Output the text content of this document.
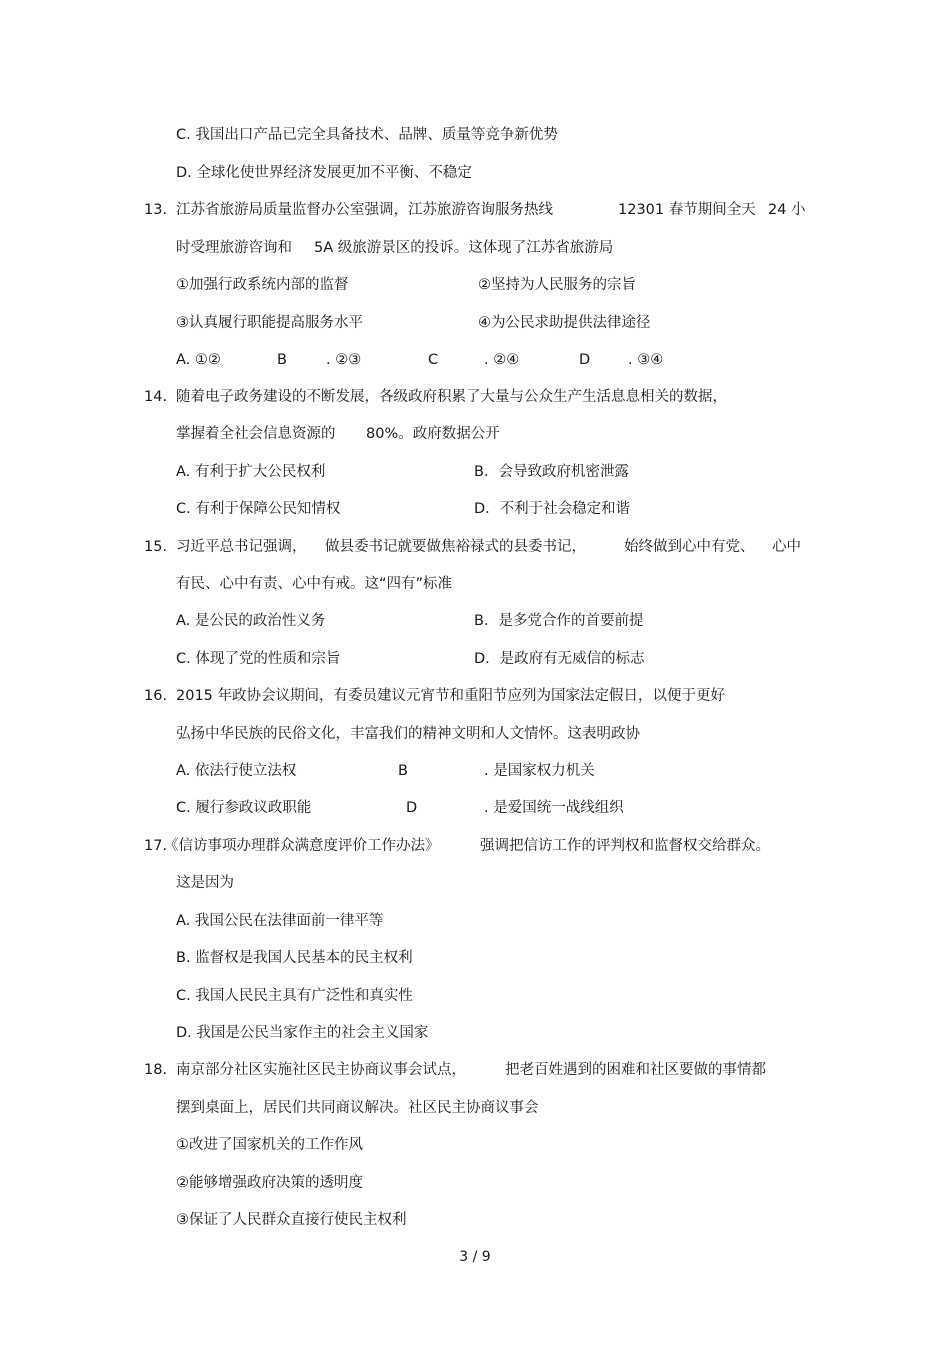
C. 我国出口产品已完全具备技术、品牌、质量等竞争新优势
D. 全球化使世界经济发展更加不平衡、不稳定
13. 江苏省旅游局质量监督办公室强调，江苏旅游咨询服务热线	12301 春节期间全天 24 小
时受理旅游咨询和 5A 级旅游景区的投诉。这体现了江苏省旅游局
①加强行政系统内部的监督	②坚持为人民服务的宗旨
③认真履行职能提高服务水平	④为公民求助提供法律途径
A. ①②	B	. ②③	C	. ②④	D	. ③④
14. 随着电子政务建设的不断发展，各级政府积累了大量与公众生产生活息息相关的数据，
掌握着全社会信息资源的 80%。政府数据公开
A. 有利于扩大公民权利	B．会导致政府机密泄露
C. 有利于保障公民知情权	D．不利于社会稳定和谐
15. 习近平总书记强调， 做县委书记就要做焦裕禄式的县委书记，	始终做到心中有党、 心中
有民、心中有责、心中有戒。这“四有”标准
A. 是公民的政治性义务	B．是多党合作的首要前提
C. 体现了党的性质和宗旨	D．是政府有无威信的标志
16. 2015 年政协会议期间，有委员建议元宵节和重阳节应列为国家法定假日，以便于更好
弘扬中华民族的民俗文化，丰富我们的精神文明和人文情怀。这表明政协
A. 依法行使立法权	B	. 是国家权力机关
C. 履行参政议政职能	D	. 是爱国统一战线组织
17.
《信访事项办理群众满意度评价工作办法》	强调把信访工作的评判权和监督权交给群众。
这是因为
A. 我国公民在法律面前一律平等
B. 监督权是我国人民基本的民主权利
C. 我国人民民主具有广泛性和真实性
D. 我国是公民当家作主的社会主义国家
18. 南京部分社区实施社区民主协商议事会试点，	把老百姓遇到的困难和社区要做的事情都
摆到桌面上，居民们共同商议解决。社区民主协商议事会
①改进了国家机关的工作作风
②能够增强政府决策的透明度
③保证了人民群众直接行使民主权利
3 / 9
